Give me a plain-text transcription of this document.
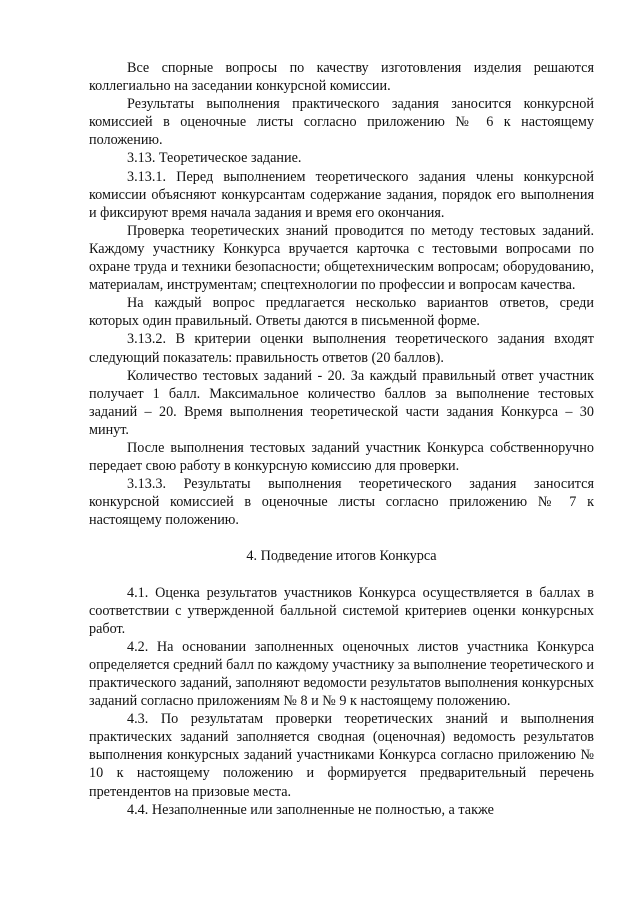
Все спорные вопросы по качеству изготовления изделия решаются коллегиально на заседании конкурсной комиссии.

Результаты выполнения практического задания заносится конкурсной комиссией в оценочные листы согласно приложению № 6 к настоящему положению.

3.13. Теоретическое задание.

3.13.1. Перед выполнением теоретического задания члены конкурсной комиссии объясняют конкурсантам содержание задания, порядок его выполнения и фиксируют время начала задания и время его окончания.

Проверка теоретических знаний проводится по методу тестовых заданий. Каждому участнику Конкурса вручается карточка с тестовыми вопросами по охране труда и техники безопасности; общетехническим вопросам; оборудованию, материалам, инструментам; спецтехнологии по профессии и вопросам качества.

На каждый вопрос предлагается несколько вариантов ответов, среди которых один правильный. Ответы даются в письменной форме.

3.13.2. В критерии оценки выполнения теоретического задания входят следующий показатель: правильность ответов (20 баллов).

Количество тестовых заданий - 20. За каждый правильный ответ участник получает 1 балл. Максимальное количество баллов за выполнение тестовых заданий – 20. Время выполнения теоретической части задания Конкурса – 30 минут.

После выполнения тестовых заданий участник Конкурса собственноручно передает свою работу в конкурсную комиссию для проверки.

3.13.3. Результаты выполнения теоретического задания заносится конкурсной комиссией в оценочные листы согласно приложению № 7 к настоящему положению.

4. Подведение итогов Конкурса

4.1. Оценка результатов участников Конкурса осуществляется в баллах в соответствии с утвержденной балльной системой критериев оценки конкурсных работ.

4.2. На основании заполненных оценочных листов участника Конкурса определяется средний балл по каждому участнику за выполнение теоретического и практического заданий, заполняют ведомости результатов выполнения конкурсных заданий согласно приложениям № 8 и № 9 к настоящему положению.

4.3. По результатам проверки теоретических знаний и выполнения практических заданий заполняется сводная (оценочная) ведомость результатов выполнения конкурсных заданий участниками Конкурса согласно приложению № 10 к настоящему положению и формируется предварительный перечень претендентов на призовые места.

4.4. Незаполненные или заполненные не полностью, а также
